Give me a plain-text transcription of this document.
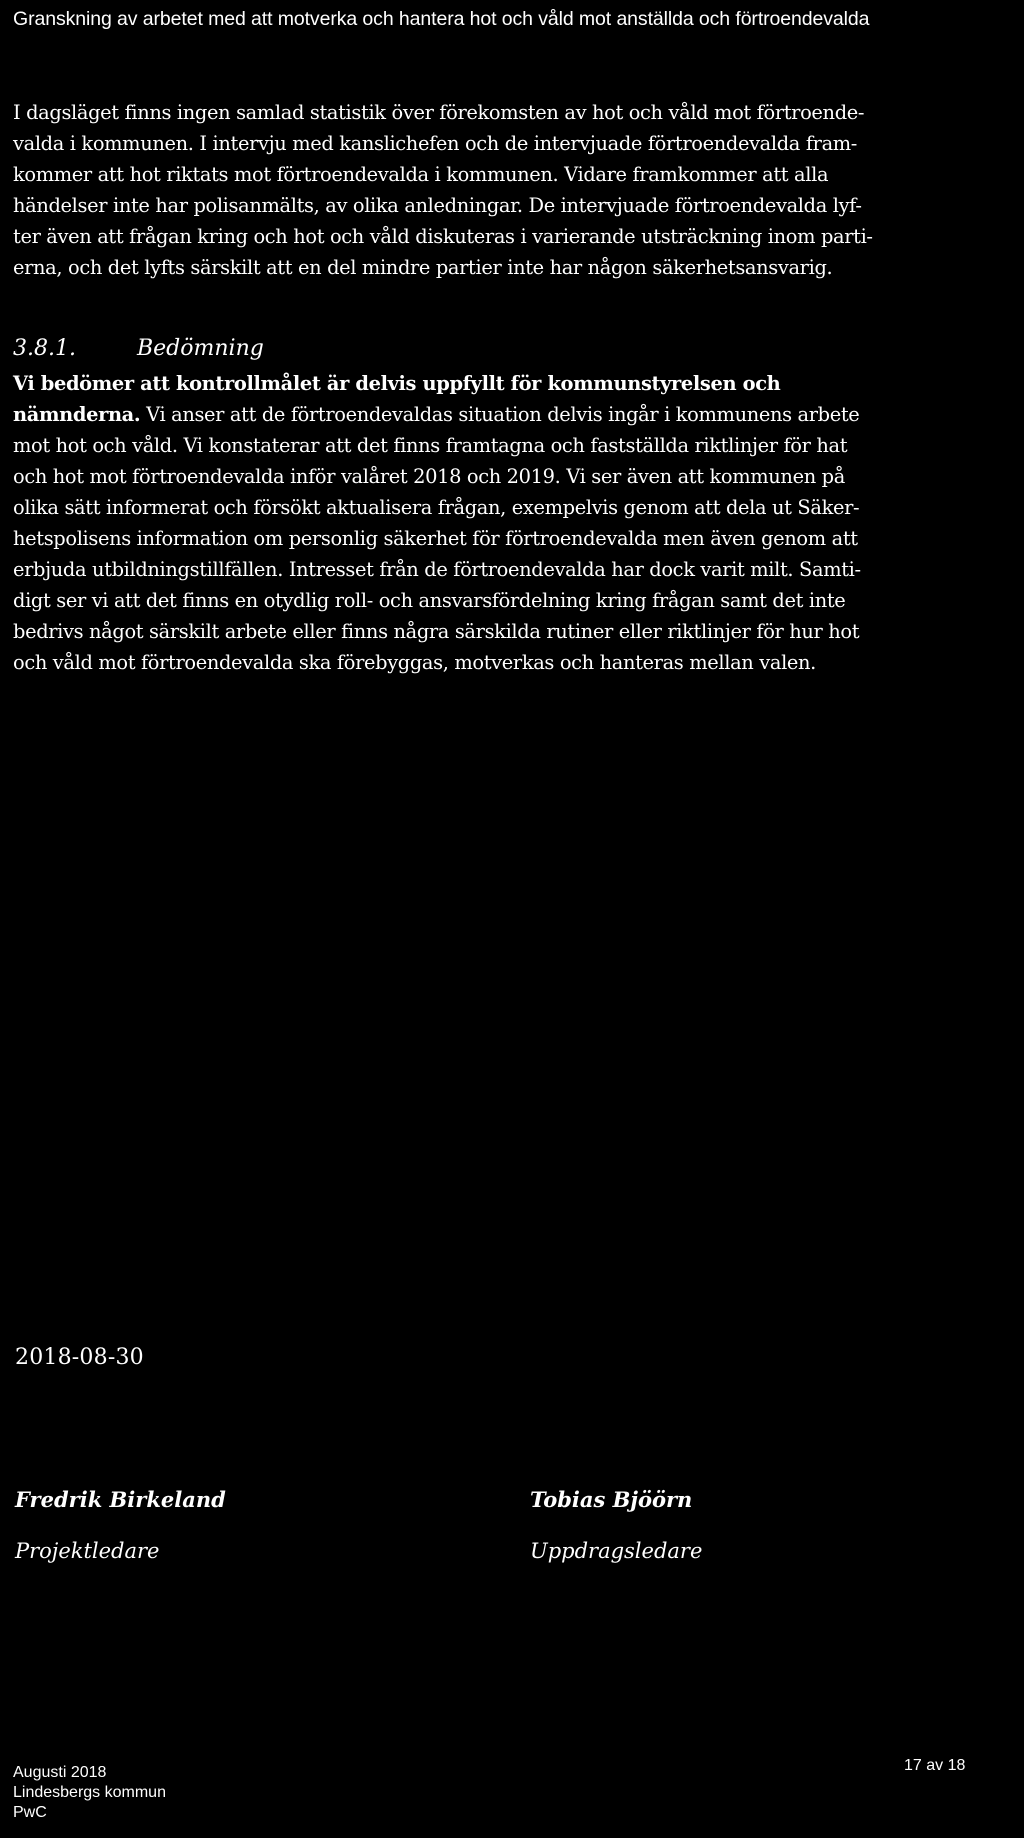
Granskning av arbetet med att motverka och hantera hot och våld mot anställda och förtroendevalda
I dagsläget finns ingen samlad statistik över förekomsten av hot och våld mot förtroende-
valda i kommunen. I intervju med kanslichefen och de intervjuade förtroendevalda fram-
kommer att hot riktats mot förtroendevalda i kommunen. Vidare framkommer att alla
händelser inte har polisanmälts, av olika anledningar. De intervjuade förtroendevalda lyf-
ter även att frågan kring och hot och våld diskuteras i varierande utsträckning inom parti-
erna, och det lyfts särskilt att en del mindre partier inte har någon säkerhetsansvarig.
3.8.1.	Bedömning
Vi bedömer att kontrollmålet är delvis uppfyllt för kommunstyrelsen och
nämnderna. Vi anser att de förtroendevaldas situation delvis ingår i kommunens arbete
mot hot och våld. Vi konstaterar att det finns framtagna och fastställda riktlinjer för hat
och hot mot förtroendevalda inför valåret 2018 och 2019. Vi ser även att kommunen på
olika sätt informerat och försökt aktualisera frågan, exempelvis genom att dela ut Säker-
hetspolisens information om personlig säkerhet för förtroendevalda men även genom att
erbjuda utbildningstillfällen. Intresset från de förtroendevalda har dock varit milt. Samti-
digt ser vi att det finns en otydlig roll- och ansvarsfördelning kring frågan samt det inte
bedrivs något särskilt arbete eller finns några särskilda rutiner eller riktlinjer för hur hot
och våld mot förtroendevalda ska förebyggas, motverkas och hanteras mellan valen.
2018-08-30
Fredrik Birkeland
Projektledare
Tobias Bjöörn
Uppdragsledare
Augusti 2018
Lindesbergs kommun
PwC
17 av 18
